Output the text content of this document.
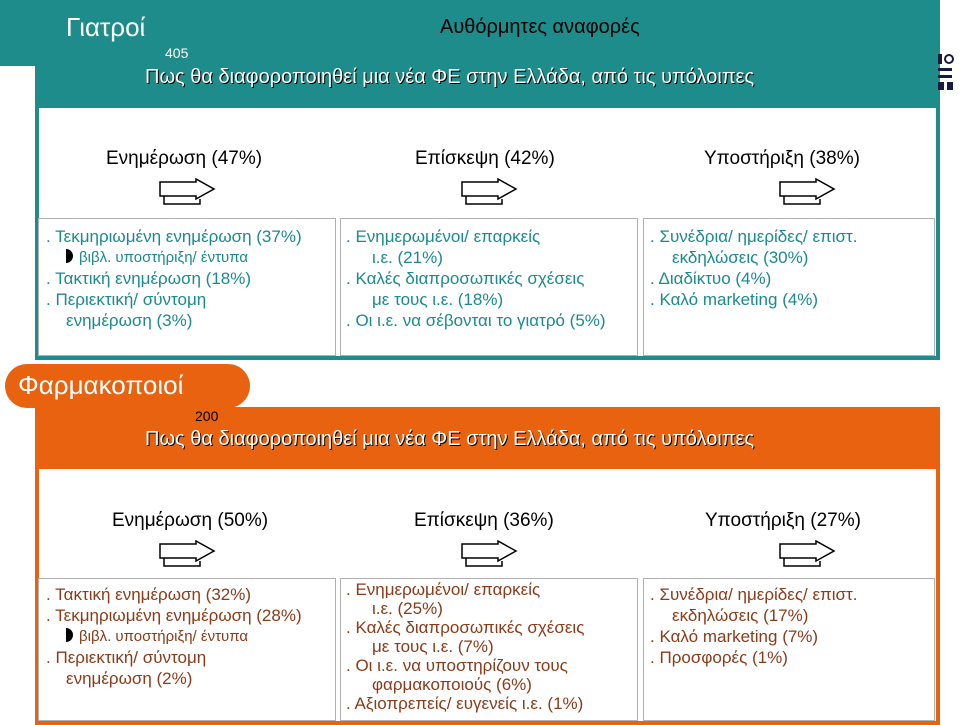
Γιατροί
405
Αυθόρμητες αναφορές
Πως θα διαφοροποιηθεί μια νέα ΦΕ στην Ελλάδα, από τις υπόλοιπες
Ενημέρωση (47%)	Επίσκεψη (42%)	Υποστήριξη (38%)
. Τεκμηριωμένη ενημέρωση (37%)
βιβλ. υποστήριξη/ έντυπα
. Τακτική ενημέρωση (18%)
. Περιεκτική/ σύντομη
ενημέρωση (3%)
. Ενημερωμένοι/ επαρκείς
ι.ε. (21%)
. Καλές διαπροσωπικές σχέσεις
με τους ι.ε. (18%)
. Οι ι.ε. να σέβονται το γιατρό (5%)
. Συνέδρια/ ημερίδες/ επιστ.
εκδηλώσεις (30%)
. Διαδίκτυο (4%)
. Καλό marketing (4%)
Φαρμακοποιοί
200
Πως θα διαφοροποιηθεί μια νέα ΦΕ στην Ελλάδα, από τις υπόλοιπες
Ενημέρωση (50%)	Επίσκεψη (36%)	Υποστήριξη (27%)
. Τακτική ενημέρωση (32%)
. Τεκμηριωμένη ενημέρωση (28%)
βιβλ. υποστήριξη/ έντυπα
. Περιεκτική/ σύντομη
ενημέρωση (2%)
. Ενημερωμένοι/ επαρκείς
ι.ε. (25%)
. Καλές διαπροσωπικές σχέσεις
με τους ι.ε. (7%)
. Οι ι.ε. να υποστηρίζουν τους
φαρμακοποιούς (6%)
. Αξιοπρεπείς/ ευγενείς ι.ε. (1%)
. Συνέδρια/ ημερίδες/ επιστ.
εκδηλώσεις (17%)
. Καλό marketing (7%)
. Προσφορές (1%)
